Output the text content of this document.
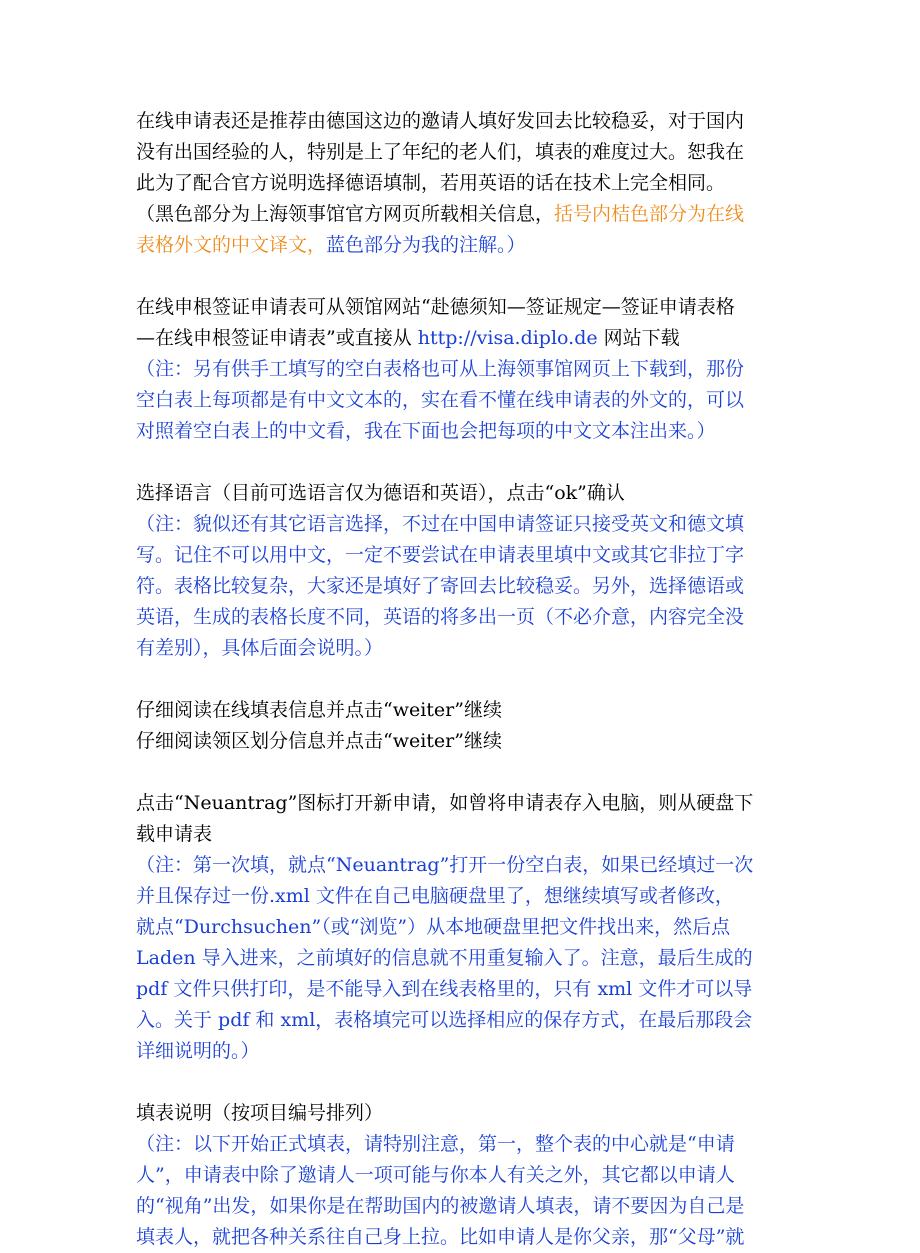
在线申请表还是推荐由德国这边的邀请人填好发回去比较稳妥，对于国内
没有出国经验的人，特别是上了年纪的老人们，填表的难度过大。恕我在
此为了配合官方说明选择德语填制，若用英语的话在技术上完全相同。
（黑色部分为上海领事馆官方网页所载相关信息，括号内桔色部分为在线
表格外文的中文译文，蓝色部分为我的注解。）
在线申根签证申请表可从领馆网站“赴德须知—签证规定—签证申请表格
—在线申根签证申请表”或直接从 http://visa.diplo.de 网站下载
（注：另有供手工填写的空白表格也可从上海领事馆网页上下载到，那份
空白表上每项都是有中文文本的，实在看不懂在线申请表的外文的，可以
对照着空白表上的中文看，我在下面也会把每项的中文文本注出来。）
选择语言（目前可选语言仅为德语和英语），点击“ok”确认
（注：貌似还有其它语言选择，不过在中国申请签证只接受英文和德文填
写。记住不可以用中文，一定不要尝试在申请表里填中文或其它非拉丁字
符。表格比较复杂，大家还是填好了寄回去比较稳妥。另外，选择德语或
英语，生成的表格长度不同，英语的将多出一页（不必介意，内容完全没
有差别），具体后面会说明。）
仔细阅读在线填表信息并点击“weiter”继续
仔细阅读领区划分信息并点击“weiter”继续
点击“Neuantrag”图标打开新申请，如曾将申请表存入电脑，则从硬盘下
载申请表
（注：第一次填，就点“Neuantrag”打开一份空白表，如果已经填过一次
并且保存过一份.xml 文件在自己电脑硬盘里了，想继续填写或者修改，
就点“Durchsuchen”（或“浏览”）从本地硬盘里把文件找出来，然后点
Laden 导入进来，之前填好的信息就不用重复输入了。注意，最后生成的
pdf 文件只供打印，是不能导入到在线表格里的，只有 xml 文件才可以导
入。关于 pdf 和 xml，表格填完可以选择相应的保存方式，在最后那段会
详细说明的。）
填表说明（按项目编号排列）
（注：以下开始正式填表，请特别注意，第一，整个表的中心就是“申请
人”，申请表中除了邀请人一项可能与你本人有关之外，其它都以申请人
的“视角”出发，如果你是在帮助国内的被邀请人填表，请不要因为自己是
填表人，就把各种关系往自己身上拉。比如申请人是你父亲，那“父母”就
